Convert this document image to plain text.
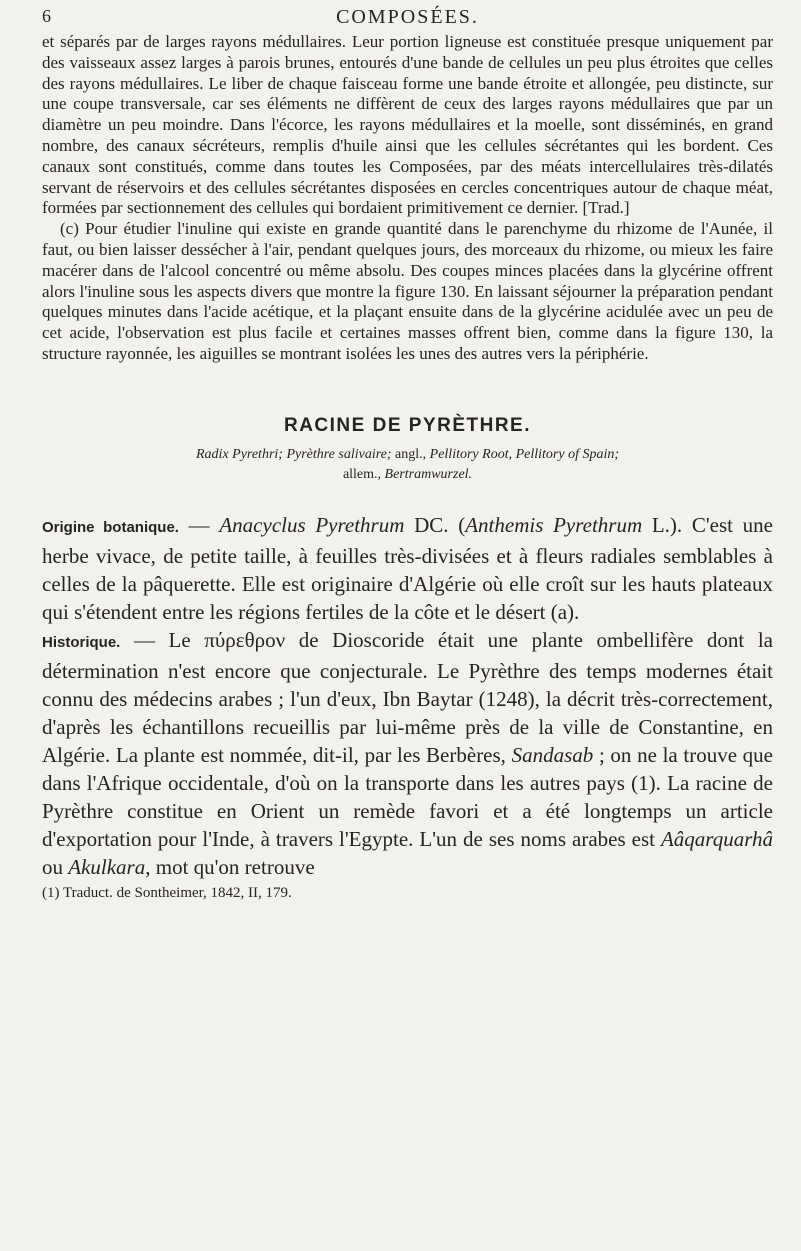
6	COMPOSÉES.

et séparés par de larges rayons médullaires. Leur portion ligneuse est constituée presque uniquement par des vaisseaux assez larges à parois brunes, entourés d'une bande de cellules un peu plus étroites que celles des rayons médullaires. Le liber de chaque faisceau forme une bande étroite et allongée, peu distincte, sur une coupe transversale, car ses éléments ne diffèrent de ceux des larges rayons médullaires que par un diamètre un peu moindre. Dans l'écorce, les rayons médullaires et la moelle, sont disséminés, en grand nombre, des canaux sécréteurs, remplis d'huile ainsi que les cellules sécrétantes qui les bordent. Ces canaux sont constitués, comme dans toutes les Composées, par des méats intercellulaires très-dilatés servant de réservoirs et des cellules sécrétantes disposées en cercles concentriques autour de chaque méat, formées par sectionnement des cellules qui bordaient primitivement ce dernier. [Trad.]

(c) Pour étudier l'inuline qui existe en grande quantité dans le parenchyme du rhizome de l'Aunée, il faut, ou bien laisser dessécher à l'air, pendant quelques jours, des morceaux du rhizome, ou mieux les faire macérer dans de l'alcool concentré ou même absolu. Des coupes minces placées dans la glycérine offrent alors l'inuline sous les aspects divers que montre la figure 130. En laissant séjourner la préparation pendant quelques minutes dans l'acide acétique, et la plaçant ensuite dans de la glycérine acidulée avec un peu de cet acide, l'observation est plus facile et certaines masses offrent bien, comme dans la figure 130, la structure rayonnée, les aiguilles se montrant isolées les unes des autres vers la périphérie.

RACINE DE PYRÈTHRE.
Radix Pyrethri; Pyrèthre salivaire; angl., Pellitory Root, Pellitory of Spain;
allem., Bertramwurzel.

Origine botanique. — Anacyclus Pyrethrum DC. (Anthemis Pyrethrum L.). C'est une herbe vivace, de petite taille, à feuilles très-divisées et à fleurs radiales semblables à celles de la pâquerette. Elle est originaire d'Algérie où elle croît sur les hauts plateaux qui s'étendent entre les régions fertiles de la côte et le désert (a).

Historique. — Le πύρεθρον de Dioscoride était une plante ombellifère dont la détermination n'est encore que conjecturale. Le Pyrèthre des temps modernes était connu des médecins arabes ; l'un d'eux, Ibn Baytar (1248), la décrit très-correctement, d'après les échantillons recueillis par lui-même près de la ville de Constantine, en Algérie. La plante est nommée, dit-il, par les Berbères, Sandasab ; on ne la trouve que dans l'Afrique occidentale, d'où on la transporte dans les autres pays (1). La racine de Pyrèthre constitue en Orient un remède favori et a été longtemps un article d'exportation pour l'Inde, à travers l'Egypte. L'un de ses noms arabes est Aâqarquarhâ ou Akulkara, mot qu'on retrouve

(1) Traduct. de Sontheimer, 1842, II, 179.
